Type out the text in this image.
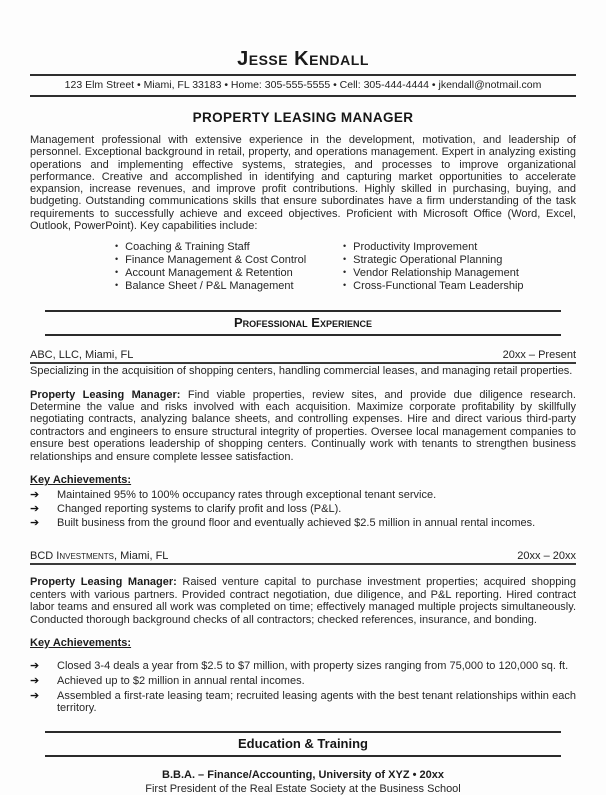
Jesse Kendall
123 Elm Street • Miami, FL 33183 • Home: 305-555-5555 • Cell: 305-444-4444 • jkendall@notmail.com
PROPERTY LEASING MANAGER

Management professional with extensive experience in the development, motivation, and leadership of personnel. Exceptional background in retail, property, and operations management. Expert in analyzing existing operations and implementing effective systems, strategies, and processes to improve organizational performance. Creative and accomplished in identifying and capturing market opportunities to accelerate expansion, increase revenues, and improve profit contributions. Highly skilled in purchasing, buying, and budgeting. Outstanding communications skills that ensure subordinates have a firm understanding of the task requirements to successfully achieve and exceed objectives. Proficient with Microsoft Office (Word, Excel, Outlook, PowerPoint). Key capabilities include:

• Coaching & Training Staff
• Finance Management & Cost Control
• Account Management & Retention
• Balance Sheet / P&L Management
• Productivity Improvement
• Strategic Operational Planning
• Vendor Relationship Management
• Cross-Functional Team Leadership
Professional Experience
ABC, LLC, Miami, FL	20xx – Present

Specializing in the acquisition of shopping centers, handling commercial leases, and managing retail properties.

Property Leasing Manager: Find viable properties, review sites, and provide due diligence research. Determine the value and risks involved with each acquisition. Maximize corporate profitability by skillfully negotiating contracts, analyzing balance sheets, and controlling expenses. Hire and direct various third-party contractors and engineers to ensure structural integrity of properties. Oversee local management companies to ensure best operations leadership of shopping centers. Continually work with tenants to strengthen business relationships and ensure complete lessee satisfaction.

Key Achievements:
➔	Maintained 95% to 100% occupancy rates through exceptional tenant service.
➔	Changed reporting systems to clarify profit and loss (P&L).
➔	Built business from the ground floor and eventually achieved $2.5 million in annual rental incomes.
BCD Investments, Miami, FL	20xx – 20xx

Property Leasing Manager: Raised venture capital to purchase investment properties; acquired shopping centers with various partners. Provided contract negotiation, due diligence, and P&L reporting. Hired contract labor teams and ensured all work was completed on time; effectively managed multiple projects simultaneously. Conducted thorough background checks of all contractors; checked references, insurance, and bonding.

Key Achievements:
➔	Closed 3-4 deals a year from $2.5 to $7 million, with property sizes ranging from 75,000 to 120,000 sq. ft.
➔	Achieved up to $2 million in annual rental incomes.
➔	Assembled a first-rate leasing team; recruited leasing agents with the best tenant relationships within each territory.
Education & Training
B.B.A. – Finance/Accounting, University of XYZ • 20xx
First President of the Real Estate Society at the Business School
